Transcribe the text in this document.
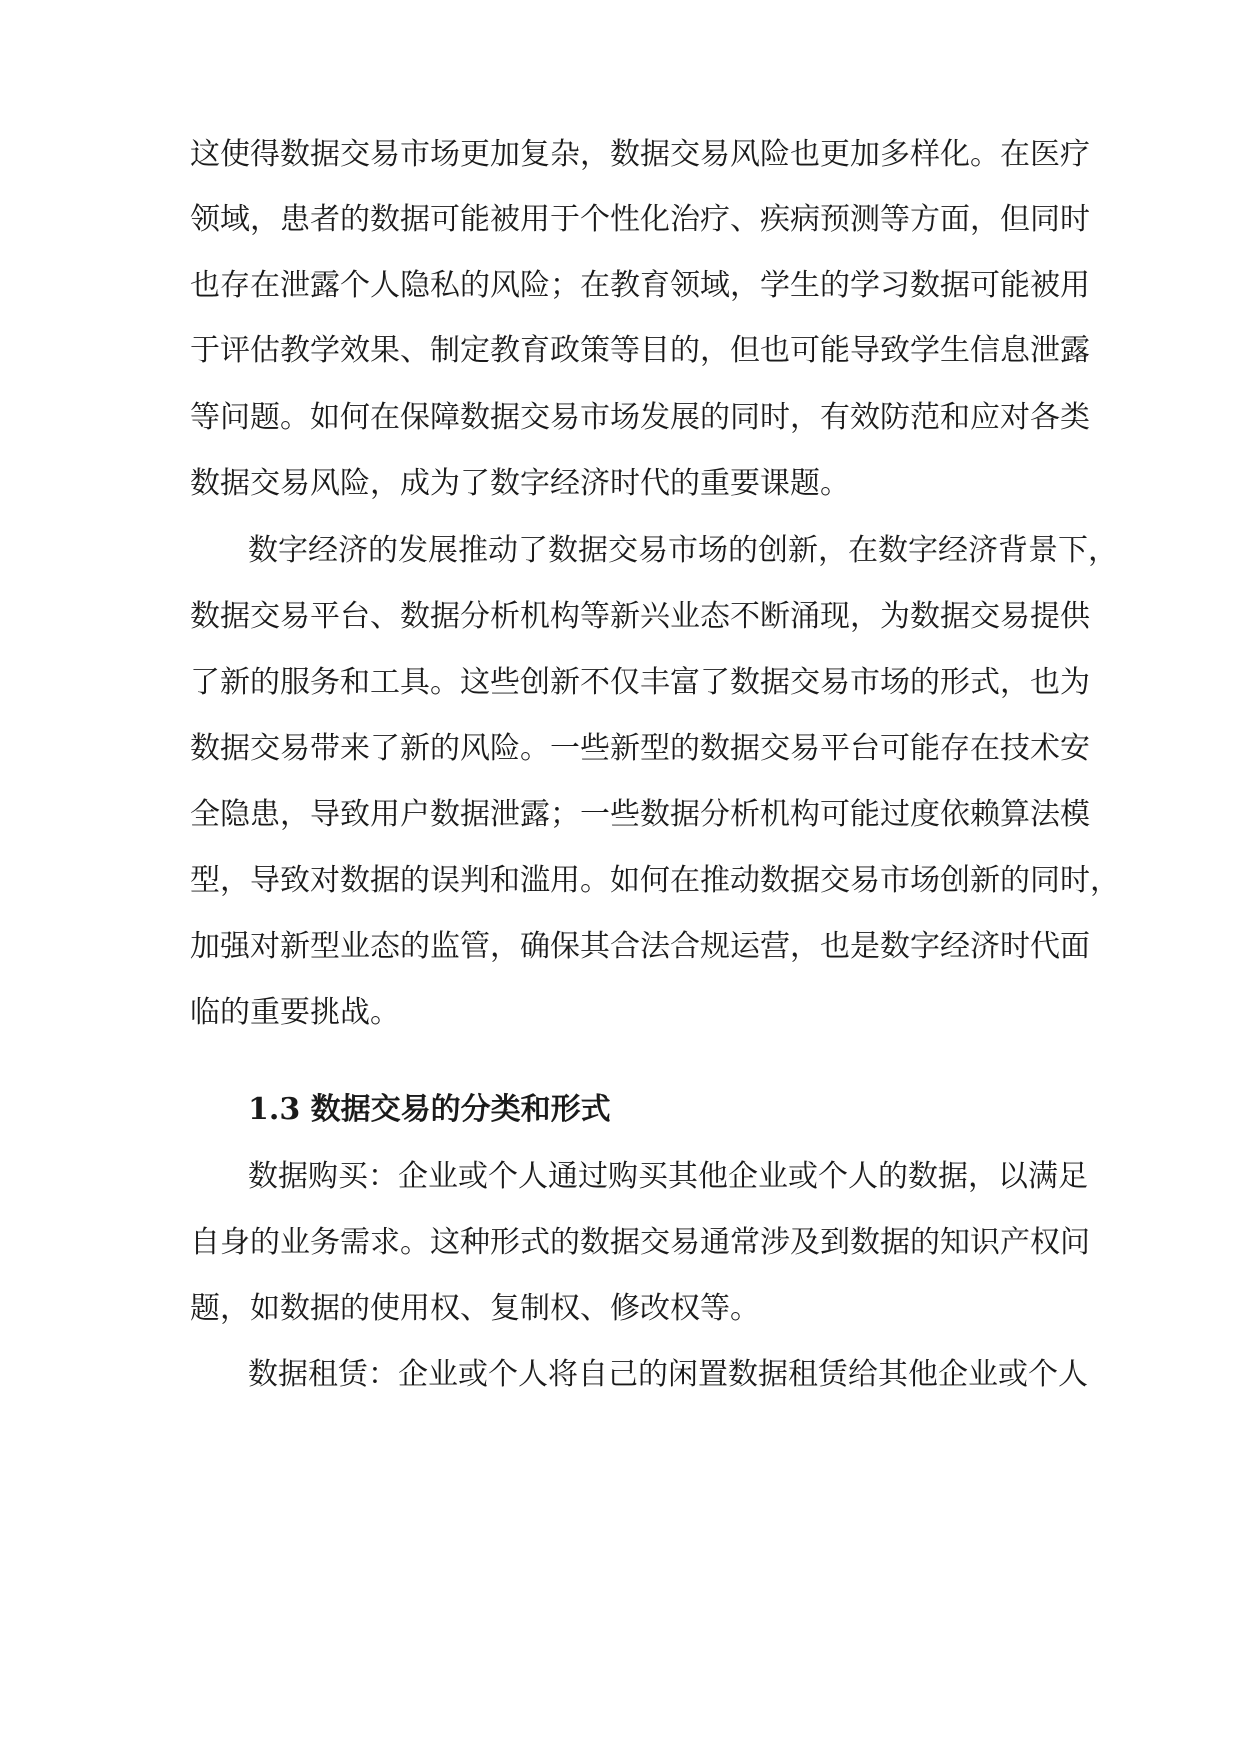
这使得数据交易市场更加复杂，数据交易风险也更加多样化。在医疗
领域，患者的数据可能被用于个性化治疗、疾病预测等方面，但同时
也存在泄露个人隐私的风险；在教育领域，学生的学习数据可能被用
于评估教学效果、制定教育政策等目的，但也可能导致学生信息泄露
等问题。如何在保障数据交易市场发展的同时，有效防范和应对各类
数据交易风险，成为了数字经济时代的重要课题。
数字经济的发展推动了数据交易市场的创新，在数字经济背景下，
数据交易平台、数据分析机构等新兴业态不断涌现，为数据交易提供
了新的服务和工具。这些创新不仅丰富了数据交易市场的形式，也为
数据交易带来了新的风险。一些新型的数据交易平台可能存在技术安
全隐患，导致用户数据泄露；一些数据分析机构可能过度依赖算法模
型，导致对数据的误判和滥用。如何在推动数据交易市场创新的同时，
加强对新型业态的监管，确保其合法合规运营，也是数字经济时代面
临的重要挑战。
1.3 数据交易的分类和形式
数据购买：企业或个人通过购买其他企业或个人的数据，以满足
自身的业务需求。这种形式的数据交易通常涉及到数据的知识产权问
题，如数据的使用权、复制权、修改权等。
数据租赁：企业或个人将自己的闲置数据租赁给其他企业或个人
